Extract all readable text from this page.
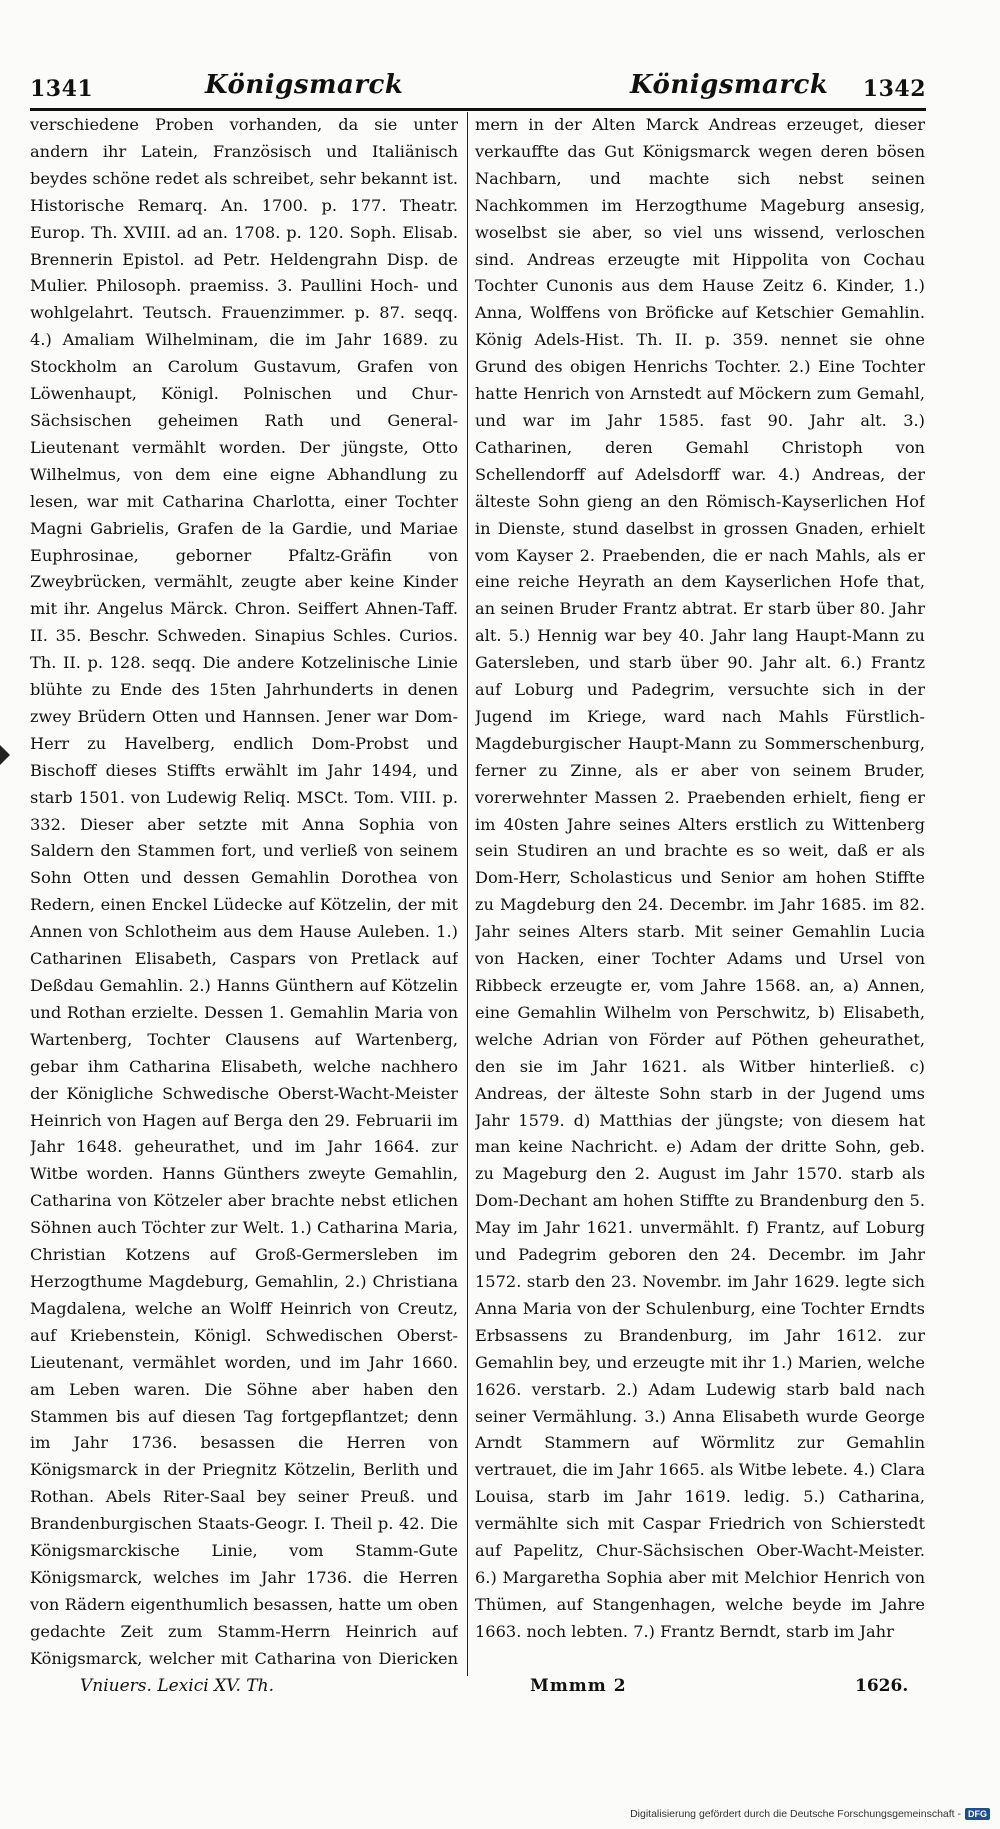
1341	Königsmarck	Königsmarck 1342

verschiedene Proben vorhanden, da sie unter andern ihr Latein, Französisch und Italiänisch beydes schöne redet als schreibet, sehr bekannt ist. Historische Remarq. An. 1700. p. 177. Theatr. Europ. Th. XVIII. ad an. 1708. p. 120. Soph. Elisab. Brennerin Epistol. ad Petr. Heldengrahn Disp. de Mulier. Philosoph. praemiss. 3. Paullini Hoch- und wohlgelahrt. Teutsch. Frauenzimmer. p. 87. seqq. 4.) Amaliam Wilhelminam, die im Jahr 1689. zu Stockholm an Carolum Gustavum, Grafen von Löwenhaupt, Königl. Polnischen und Chur-Sächsischen geheimen Rath und General-Lieutenant vermählt worden. Der jüngste, Otto Wilhelmus, von dem eine eigne Abhandlung zu lesen, war mit Catharina Charlotta, einer Tochter Magni Gabrielis, Grafen de la Gardie, und Mariae Euphrosinae, geborner Pfaltz-Gräfin von Zweybrücken, vermählt, zeugte aber keine Kinder mit ihr. Angelus Märck. Chron. Seiffert Ahnen-Taff. II. 35. Beschr. Schweden. Sinapius Schles. Curios. Th. II. p. 128. seqq. Die andere Kotzelinische Linie blühte zu Ende des 15ten Jahrhunderts in denen zwey Brüdern Otten und Hannsen. Jener war Dom-Herr zu Havelberg, endlich Dom-Probst und Bischoff dieses Stiffts erwählt im Jahr 1494, und starb 1501. von Ludewig Reliq. MSCt. Tom. VIII. p. 332. Dieser aber setzte mit Anna Sophia von Saldern den Stammen fort, und verließ von seinem Sohn Otten und dessen Gemahlin Dorothea von Redern, einen Enckel Lüdecke auf Kötzelin, der mit Annen von Schlotheim aus dem Hause Auleben. 1.) Catharinen Elisabeth, Caspars von Pretlack auf Deßdau Gemahlin. 2.) Hanns Günthern auf Kötzelin und Rothan erzielte. Dessen 1. Gemahlin Maria von Wartenberg, Tochter Clausens auf Wartenberg, gebar ihm Catharina Elisabeth, welche nachhero der Königliche Schwedische Oberst-Wacht-Meister Heinrich von Hagen auf Berga den 29. Februarii im Jahr 1648. geheurathet, und im Jahr 1664. zur Witbe worden. Hanns Günthers zweyte Gemahlin, Catharina von Kötzeler aber brachte nebst etlichen Söhnen auch Töchter zur Welt. 1.) Catharina Maria, Christian Kotzens auf Groß-Germersleben im Herzogthume Magdeburg, Gemahlin, 2.) Christiana Magdalena, welche an Wolff Heinrich von Creutz, auf Kriebenstein, Königl. Schwedischen Oberst-Lieutenant, vermählet worden, und im Jahr 1660. am Leben waren. Die Söhne aber haben den Stammen bis auf diesen Tag fortgepflantzet; denn im Jahr 1736. besassen die Herren von Königsmarck in der Priegnitz Kötzelin, Berlith und Rothan. Abels Riter-Saal bey seiner Preuß. und Brandenburgischen Staats-Geogr. I. Theil p. 42. Die Königsmarckische Linie, vom Stamm-Gute Königsmarck, welches im Jahr 1736. die Herren von Rädern eigenthumlich besassen, hatte um oben gedachte Zeit zum Stamm-Herrn Heinrich auf Königsmarck, welcher mit Catharina von Diericken

mern in der Alten Marck Andreas erzeuget, dieser verkauffte das Gut Königsmarck wegen deren bösen Nachbarn, und machte sich nebst seinen Nachkommen im Herzogthume Mageburg ansesig, woselbst sie aber, so viel uns wissend, verloschen sind. Andreas erzeugte mit Hippolita von Cochau Tochter Cunonis aus dem Hause Zeitz 6. Kinder, 1.) Anna, Wolffens von Bröficke auf Ketschier Gemahlin. König Adels-Hist. Th. II. p. 359. nennet sie ohne Grund des obigen Henrichs Tochter. 2.) Eine Tochter hatte Henrich von Arnstedt auf Möckern zum Gemahl, und war im Jahr 1585. fast 90. Jahr alt. 3.) Catharinen, deren Gemahl Christoph von Schellendorff auf Adelsdorff war. 4.) Andreas, der älteste Sohn gieng an den Römisch-Kayserlichen Hof in Dienste, stund daselbst in grossen Gnaden, erhielt vom Kayser 2. Praebenden, die er nach Mahls, als er eine reiche Heyrath an dem Kayserlichen Hofe that, an seinen Bruder Frantz abtrat. Er starb über 80. Jahr alt. 5.) Hennig war bey 40. Jahr lang Haupt-Mann zu Gatersleben, und starb über 90. Jahr alt. 6.) Frantz auf Loburg und Padegrim, versuchte sich in der Jugend im Kriege, ward nach Mahls Fürstlich-Magdeburgischer Haupt-Mann zu Sommerschenburg, ferner zu Zinne, als er aber von seinem Bruder, vorerwehnter Massen 2. Praebenden erhielt, fieng er im 40sten Jahre seines Alters erstlich zu Wittenberg sein Studiren an und brachte es so weit, daß er als Dom-Herr, Scholasticus und Senior am hohen Stiffte zu Magdeburg den 24. Decembr. im Jahr 1685. im 82. Jahr seines Alters starb. Mit seiner Gemahlin Lucia von Hacken, einer Tochter Adams und Ursel von Ribbeck erzeugte er, vom Jahre 1568. an, a) Annen, eine Gemahlin Wilhelm von Perschwitz, b) Elisabeth, welche Adrian von Förder auf Pöthen geheurathet, den sie im Jahr 1621. als Witber hinterließ. c) Andreas, der älteste Sohn starb in der Jugend ums Jahr 1579. d) Matthias der jüngste; von diesem hat man keine Nachricht. e) Adam der dritte Sohn, geb. zu Mageburg den 2. August im Jahr 1570. starb als Dom-Dechant am hohen Stiffte zu Brandenburg den 5. May im Jahr 1621. unvermählt. f) Frantz, auf Loburg und Padegrim geboren den 24. Decembr. im Jahr 1572. starb den 23. Novembr. im Jahr 1629. legte sich Anna Maria von der Schulenburg, eine Tochter Erndts Erbsassens zu Brandenburg, im Jahr 1612. zur Gemahlin bey, und erzeugte mit ihr 1.) Marien, welche 1626. verstarb. 2.) Adam Ludewig starb bald nach seiner Vermählung. 3.) Anna Elisabeth wurde George Arndt Stammern auf Wörmlitz zur Gemahlin vertrauet, die im Jahr 1665. als Witbe lebete. 4.) Clara Louisa, starb im Jahr 1619. ledig. 5.) Catharina, vermählte sich mit Caspar Friedrich von Schierstedt auf Papelitz, Chur-Sächsischen Ober-Wacht-Meister. 6.) Margaretha Sophia aber mit Melchior Henrich von Thümen, auf Stangenhagen, welche beyde im Jahre 1663. noch lebten. 7.) Frantz Berndt, starb im Jahr

Vniuers. Lexici XV. Th.	Mmmm 2	1626.
Digitalisierung gefördert durch die Deutsche Forschungsgemeinschaft - DFG
